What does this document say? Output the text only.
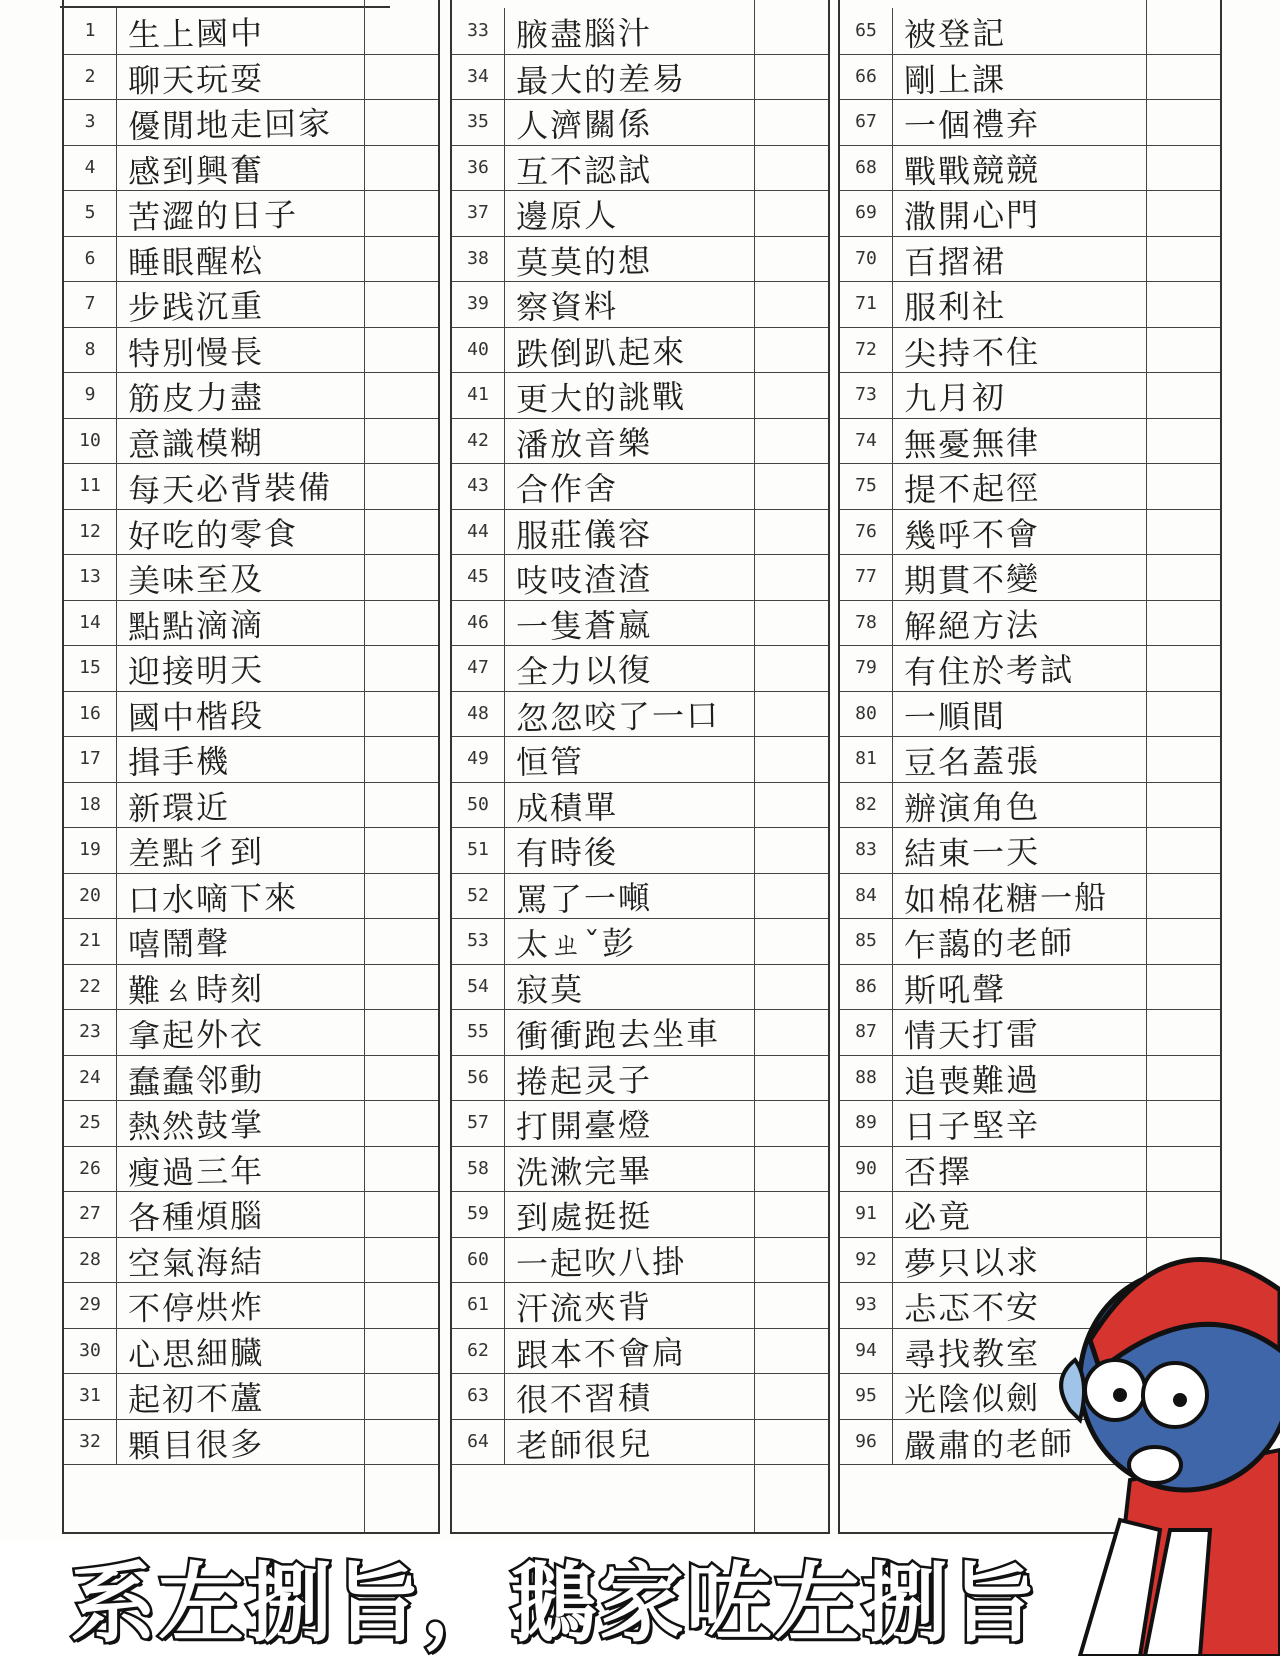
1	生上國中
2	聊天玩耍
3	優閒地走回家
4	感到興奮
5	苦澀的日子
6	睡眼醒松
7	步践沉重
8	特別慢長
9	筋皮力盡
10 意識模糊
11 每天必背裝備
12 好吃的零食
13 美味至及
14 點點滴滴
15 迎接明天
16 國中楷段
17 揖手機
18 新環近
19 差點彳到
20 口水嘀下來
21 嘻鬧聲
22 難ㄠ時刻
23 拿起外衣
24 蠢蠢邻動
25 熱然鼓掌
26 瘦過三年
27 各種煩腦
28 空氣海結
29 不停烘炸
30 心思細臓
31 起初不蘆
32 顆目很多
33 腋盡腦汁
34 最大的差易
35 人濟關係
36 互不認試
37 邊原人
38 莫莫的想
39 察資料
40 跌倒趴起來
41 更大的誂戰
42 潘放音樂
43 合作舍
44 服莊儀容
45 吱吱渣渣
46 一隻蒼嬴
47 全力以復
48 忽忽咬了一口
49 恒管
50 成積單
51 有時後
52 罵了一噸
53 太ㄓˇ彭
54 寂莫
55 衝衝跑去坐車
56 捲起灵子
57 打開臺燈
58 洗漱完畢
59 到處挺挺
60 一起吹八掛
61 汗流夾背
62 跟本不會扃
63 很不習積
64 老師很兒
65 被登記
66 剛上課
67 一個禮弃
68 戰戰競競
69 潵開心門
70 百摺裙
71 服利社
72 尖持不住
73 九月初
74 無憂無律
75 提不起徑
76 幾呼不會
77 期貫不變
78 解絕方法
79 有住於考試
80 一順間
81 豆名蓋張
82 辦演角色
83 結東一天
84 如棉花糖一船
85 乍藹的老師
86 斯吼聲
87 情天打雷
88 追喪難過
89 日子堅辛
90 否擇
91 必竟
92 夢只以求
93 忐忑不安
94 尋找教室
95 光陰似劍
96 嚴肅的老師
系左捌旨，鵝家咗左捌旨
